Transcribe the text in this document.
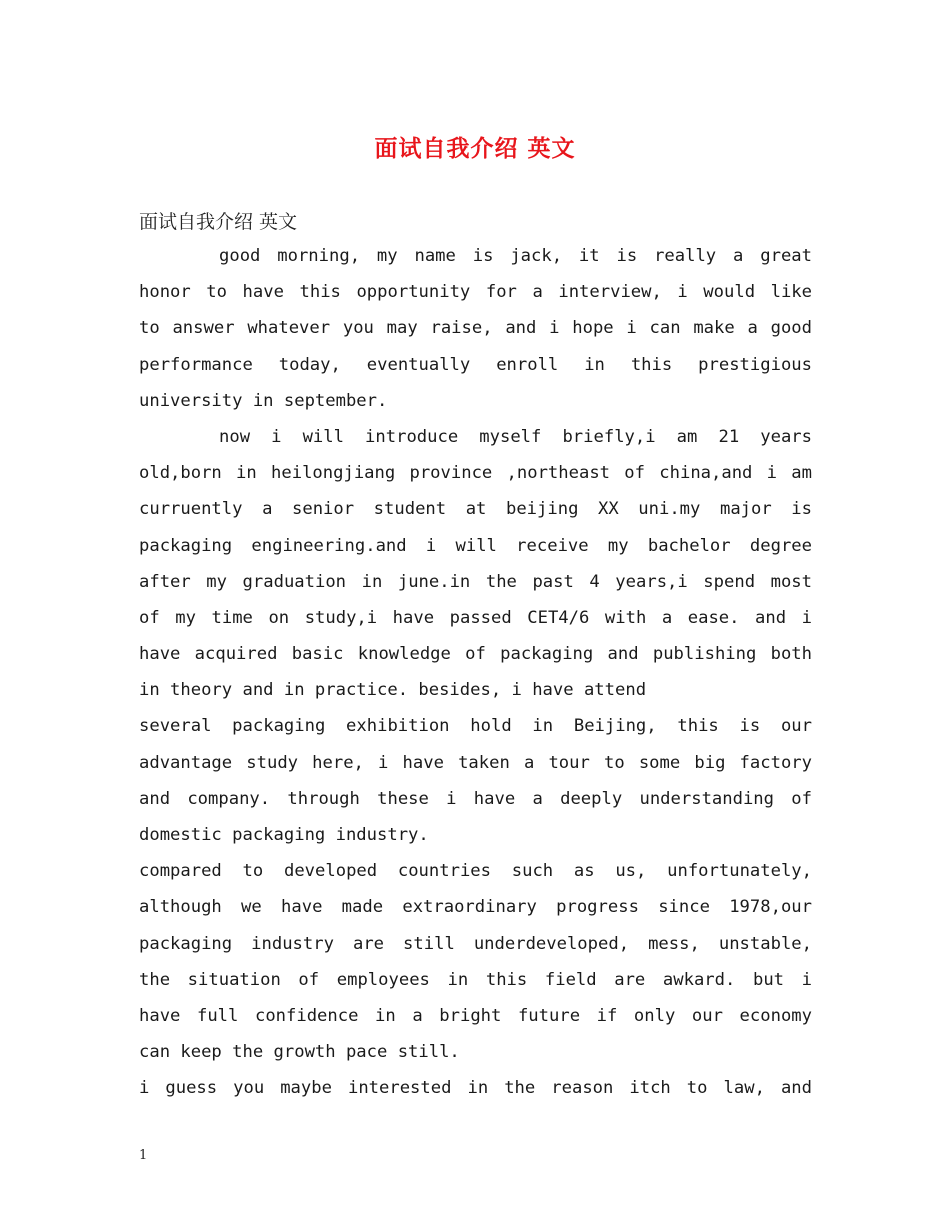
面试自我介绍 英文
面试自我介绍 英文
good morning, my name is jack, it is really a great
honor to have this opportunity for a interview, i would like
to answer whatever you may raise, and i hope i can make a good
performance today, eventually enroll in this prestigious
university in september.
now i will introduce myself briefly,i am 21 years
old,born in heilongjiang province ,northeast of china,and i am
curruently a senior student at beijing XX uni.my major is
packaging engineering.and i will receive my bachelor degree
after my graduation in june.in the past 4 years,i spend most
of my time on study,i have passed CET4/6 with a ease. and i
have acquired basic knowledge of packaging and publishing both
in theory and in practice. besides, i have attend
several packaging exhibition hold in Beijing, this is our
advantage study here, i have taken a tour to some big factory
and company. through these i have a deeply understanding of
domestic packaging industry.
compared to developed countries such as us, unfortunately,
although we have made extraordinary progress since 1978,our
packaging industry are still underdeveloped, mess, unstable,
the situation of employees in this field are awkard. but i
have full confidence in a bright future if only our economy
can keep the growth pace still.
i guess you maybe interested in the reason itch to law, and
1
